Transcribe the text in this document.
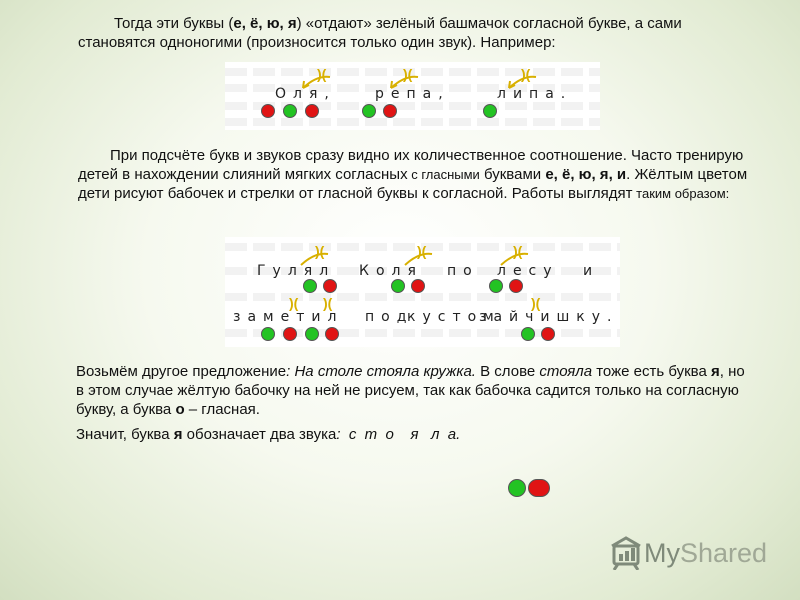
Тогда эти буквы (е, ё, ю, я) «отдают» зелёный башмачок согласной букве, а сами становятся одноногими (произносится только один звук). Например:

)(	)(	)(
Оля,	репа,	липа.

При подсчёте букв и звуков сразу видно их количественное соотношение. Часто тренирую детей в нахождении слияний мягких согласных с гласными буквами е, ё, ю, я, и. Жёлтым цветом дети рисуют бабочек и стрелки от гласной буквы к согласной. Работы выглядят таким образом:

)(	)(	)(
Гулял Коля по лесу и
)( )(	)(
заметил под
кустом
зайчишку.

Возьмём другое предложение: На столе стояла кружка. В слове стояла тоже есть буква я, но в этом случае жёлтую бабочку на ней не рисуем, так как бабочка садится только на согласную букву, а буква о – гласная.

Значит, буква я обозначает два звука:  с  т  о    я   л  а.

MyShared
